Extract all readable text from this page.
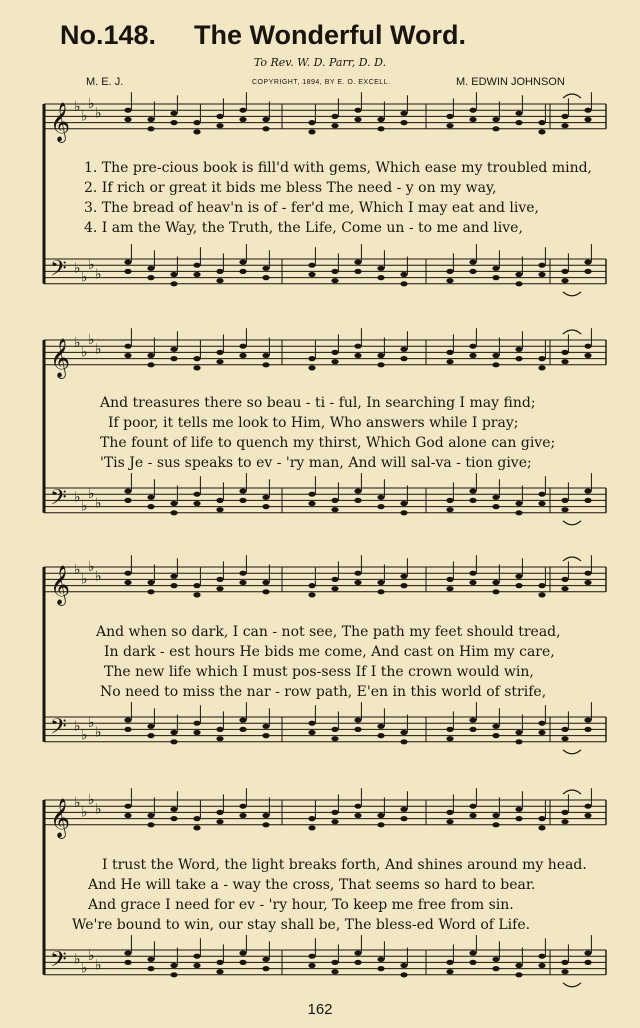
No.148. The Wonderful Word.
To Rev. W. D. Parr, D. D.
M. E. J.	COPYRIGHT, 1894, BY E. O. EXCELL.	M. EDWIN JOHNSON
𝄞
𝄢
♭
♭
♭
♭
♭
♭
♭
♭
𝄞
𝄢
♭
♭
♭
♭
♭
♭
♭
♭
𝄞
𝄢
♭
♭
♭
♭
♭
♭
♭
♭
𝄞
𝄢
♭
♭
♭
♭
♭
♭
♭
♭
1. The pre-cious book is fill'd with gems, Which ease my troubled mind,
2. If rich or great it bids me bless The need - y on my way,
3. The bread of heav'n is of - fer'd me, Which I may eat and live,
4. I am the Way, the Truth, the Life, Come un - to me and live,
And treasures there so beau - ti - ful, In searching I may find;
If poor, it tells me look to Him, Who answers while I pray;
The fount of life to quench my thirst, Which God alone can give;
'Tis Je - sus speaks to ev - 'ry man, And will sal-va - tion give;
And when so dark, I can - not see, The path my feet should tread,
In dark - est hours He bids me come, And cast on Him my care,
The new life which I must pos-sess If I the crown would win,
No need to miss the nar - row path, E'en in this world of strife,
I trust the Word, the light breaks forth, And shines around my head.
And He will take a - way the cross, That seems so hard to bear.
And grace I need for ev - 'ry hour, To keep me free from sin.
We're bound to win, our stay shall be, The bless-ed Word of Life.
162
